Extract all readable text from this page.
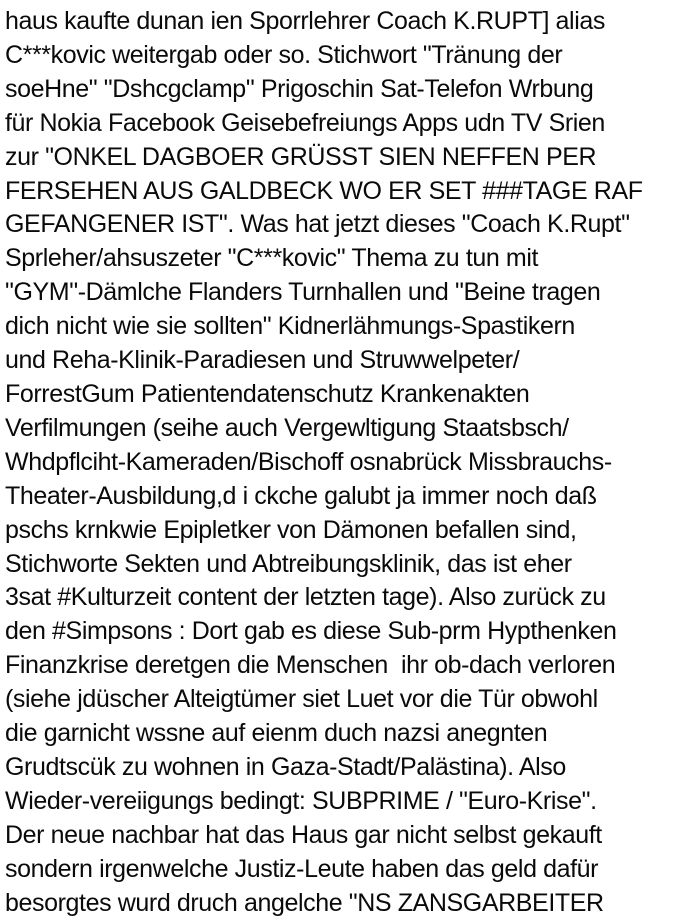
haus kaufte dunan ien Sporrlehrer Coach K.RUPT] alias
C***kovic weitergab oder so. Stichwort "Tränung der
soeHne" "Dshcgclamp" Prigoschin Sat-Telefon Wrbung
für Nokia Facebook Geisebefreiungs Apps udn TV Srien
zur "ONKEL DAGBOER GRÜSST SIEN NEFFEN PER
FERSEHEN AUS GALDBECK WO ER SET ###TAGE RAF
GEFANGENER IST". Was hat jetzt dieses "Coach K.Rupt"
Sprleher/ahsuszeter "C***kovic" Thema zu tun mit
"GYM"-Dämlche Flanders Turnhallen und "Beine tragen
dich nicht wie sie sollten" Kidnerlähmungs-Spastikern
und Reha-Klinik-Paradiesen und Struwwelpeter/
ForrestGum Patientendatenschutz Krankenakten
Verfilmungen (seihe auch Vergewltigung Staatsbsch/
Whdpflciht-Kameraden/Bischoff osnabrück Missbrauchs-
Theater-Ausbildung,d i ckche galubt ja immer noch daß
pschs krnkwie Epipletker von Dämonen befallen sind,
Stichworte Sekten und Abtreibungsklinik, das ist eher
3sat #Kulturzeit content der letzten tage). Also zurück zu
den #Simpsons : Dort gab es diese Sub-prm Hypthenken
Finanzkrise deretgen die Menschen  ihr ob-dach verloren
(siehe jdüscher Alteigtümer siet Luet vor die Tür obwohl
die garnicht wssne auf eienm duch nazsi anegnten
Grudtscük zu wohnen in Gaza-Stadt/Palästina). Also
Wieder-vereiigungs bedingt: SUBPRIME / "Euro-Krise".
Der neue nachbar hat das Haus gar nicht selbst gekauft
sondern irgenwelche Justiz-Leute haben das geld dafür
besorgtes wurd druch angelche "NS ZANSGARBEITER
